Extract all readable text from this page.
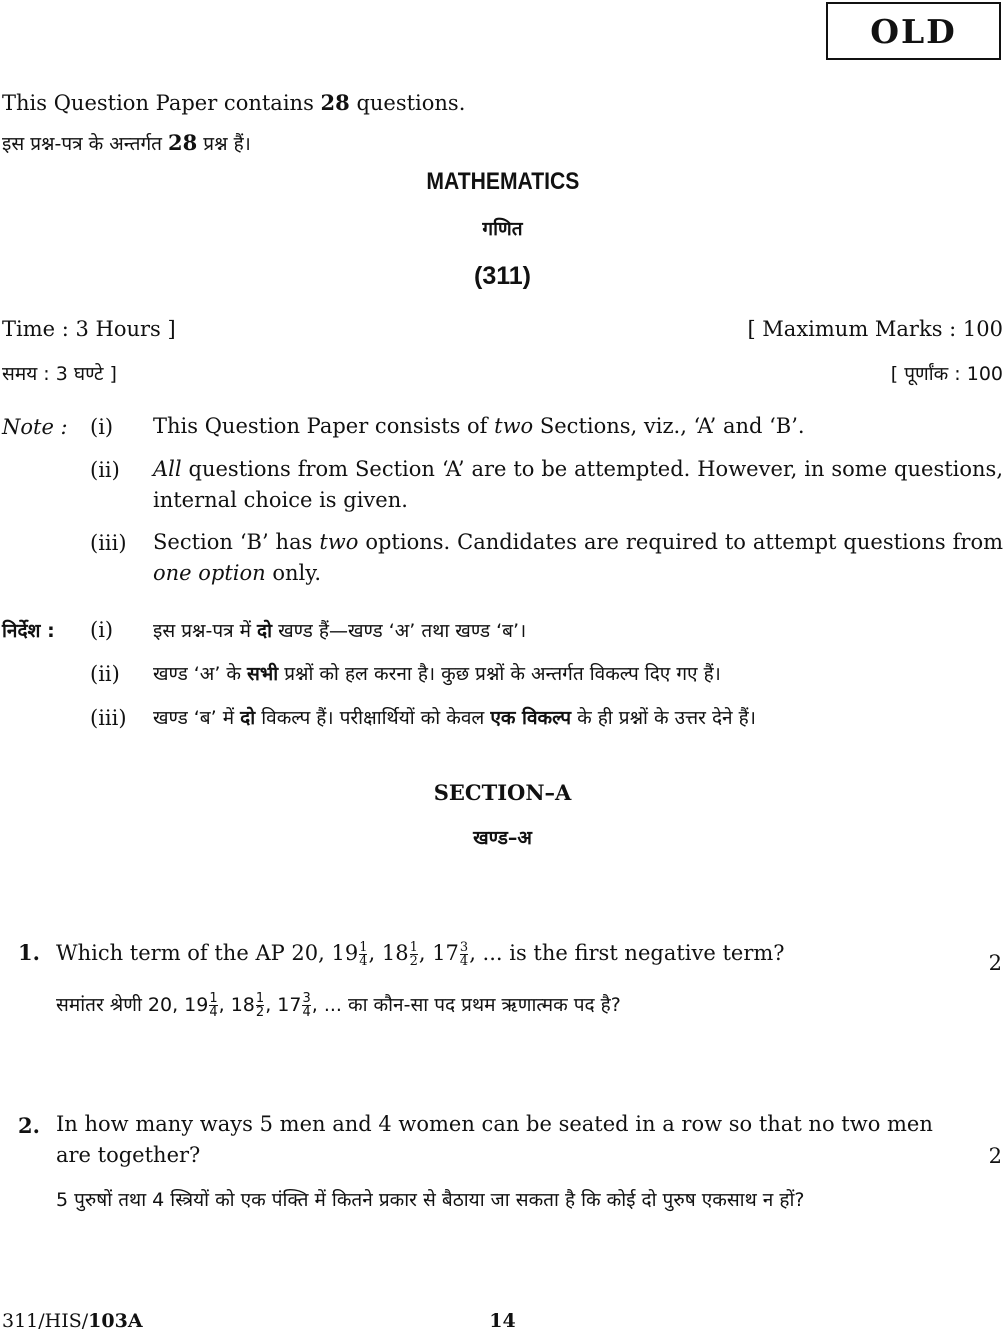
OLD
This Question Paper contains 28 questions.
इस प्रश्न-पत्र के अन्तर्गत 28 प्रश्न हैं।
MATHEMATICS
गणित
(311)
Time : 3 Hours ]	[ Maximum Marks : 100
समय : 3 घण्टे ]	[ पूर्णांक : 100
Note : (i) This Question Paper consists of two Sections, viz., ‘A’ and ‘B’.
(ii) All questions from Section ‘A’ are to be attempted. However, in some questions, internal choice is given.
(iii) Section ‘B’ has two options. Candidates are required to attempt questions from one option only.
निर्देश : (i) इस प्रश्न-पत्र में दो खण्ड हैं—खण्ड ‘अ’ तथा खण्ड ‘ब’।
(ii) खण्ड ‘अ’ के सभी प्रश्नों को हल करना है। कुछ प्रश्नों के अन्तर्गत विकल्प दिए गए हैं।
(iii) खण्ड ‘ब’ में दो विकल्प हैं। परीक्षार्थियों को केवल एक विकल्प के ही प्रश्नों के उत्तर देने हैं।
SECTION–A
खण्ड–अ
1. Which term of the AP 20, $19 \frac{1}{4}$ , $18 \frac{1}{2}$ , $17 \frac{3}{4}$ , ... is the first negative term?	2
समांतर श्रेणी 20, $19 \frac{1}{4}$ , $18 \frac{1}{2}$ , $17 \frac{3}{4}$ , ... का कौन-सा पद प्रथम ऋणात्मक पद है?
2. In how many ways 5 men and 4 women can be seated in a row so that no two men are together?	2
5 पुरुषों तथा 4 स्त्रियों को एक पंक्ति में कितने प्रकार से बैठाया जा सकता है कि कोई दो पुरुष एकसाथ न हों?
311/HIS/103A	14
